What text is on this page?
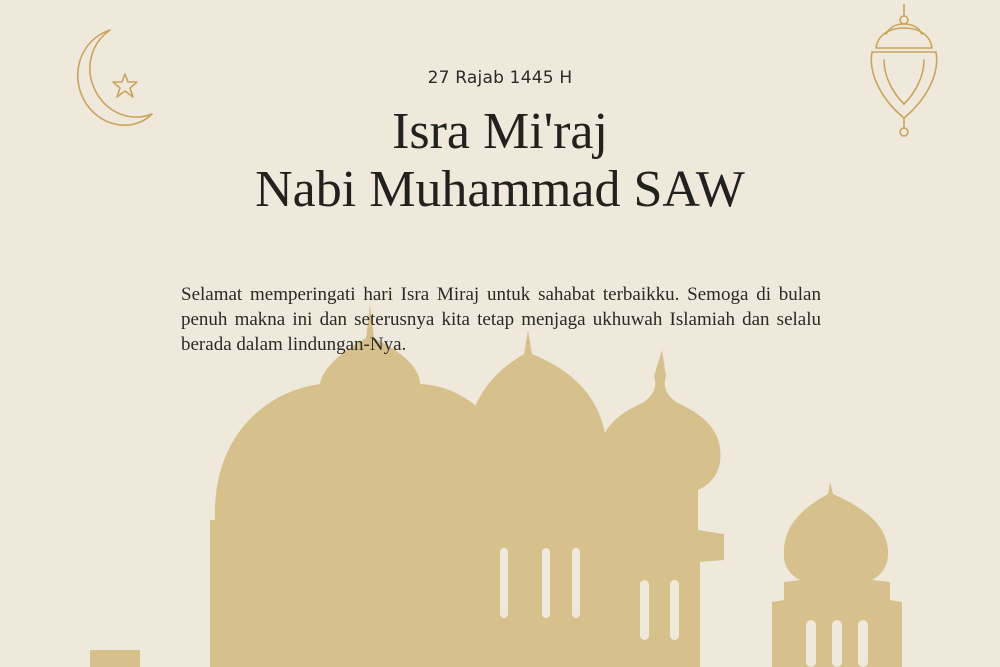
27 Rajab 1445 H
Isra Mi'raj
Nabi Muhammad SAW

Selamat memperingati hari Isra Miraj untuk sahabat terbaikku. Semoga di bulan penuh makna ini dan seterusnya kita tetap menjaga ukhuwah Islamiah dan selalu berada dalam lindungan-Nya.
